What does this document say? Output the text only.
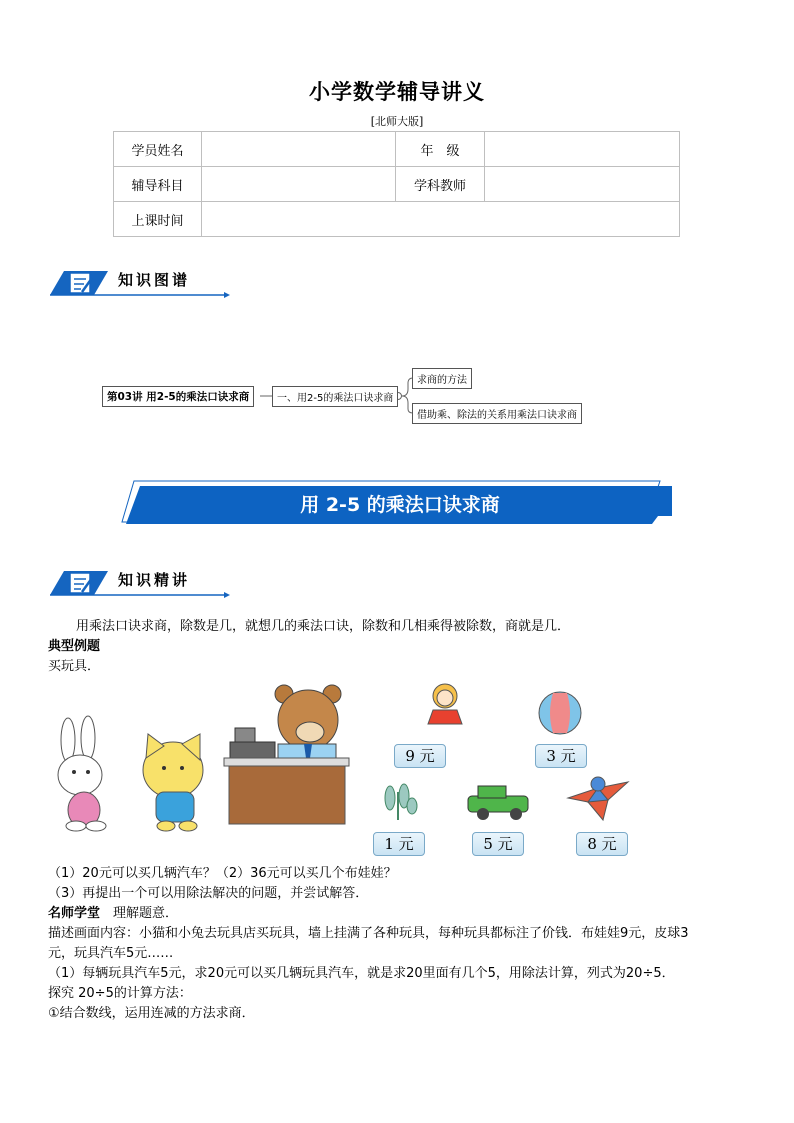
小学数学辅导讲义
[北师大版]
学员姓名		年　级	
辅导科目		学科教师	
上课时间			
知识图谱
第03讲 用2-5的乘法口诀求商	一、用2-5的乘法口诀求商
求商的方法
借助乘、除法的关系用乘法口诀求商
用 2-5 的乘法口诀求商
知识精讲
用乘法口诀求商，除数是几，就想几的乘法口诀，除数和几相乘得被除数，商就是几．
典型例题
买玩具．
9 元	3 元
1 元	5 元	8 元
（1）20元可以买几辆汽车？（2）36元可以买几个布娃娃？
（3）再提出一个可以用除法解决的问题，并尝试解答．
名师学堂　理解题意．
描述画面内容：小猫和小兔去玩具店买玩具，墙上挂满了各种玩具，每种玩具都标注了价钱．布娃娃9元，皮球3
元，玩具汽车5元……
（1）每辆玩具汽车5元，求20元可以买几辆玩具汽车，就是求20里面有几个5，用除法计算，列式为20÷5．
探究 20÷5的计算方法：
①结合数线，运用连减的方法求商．
